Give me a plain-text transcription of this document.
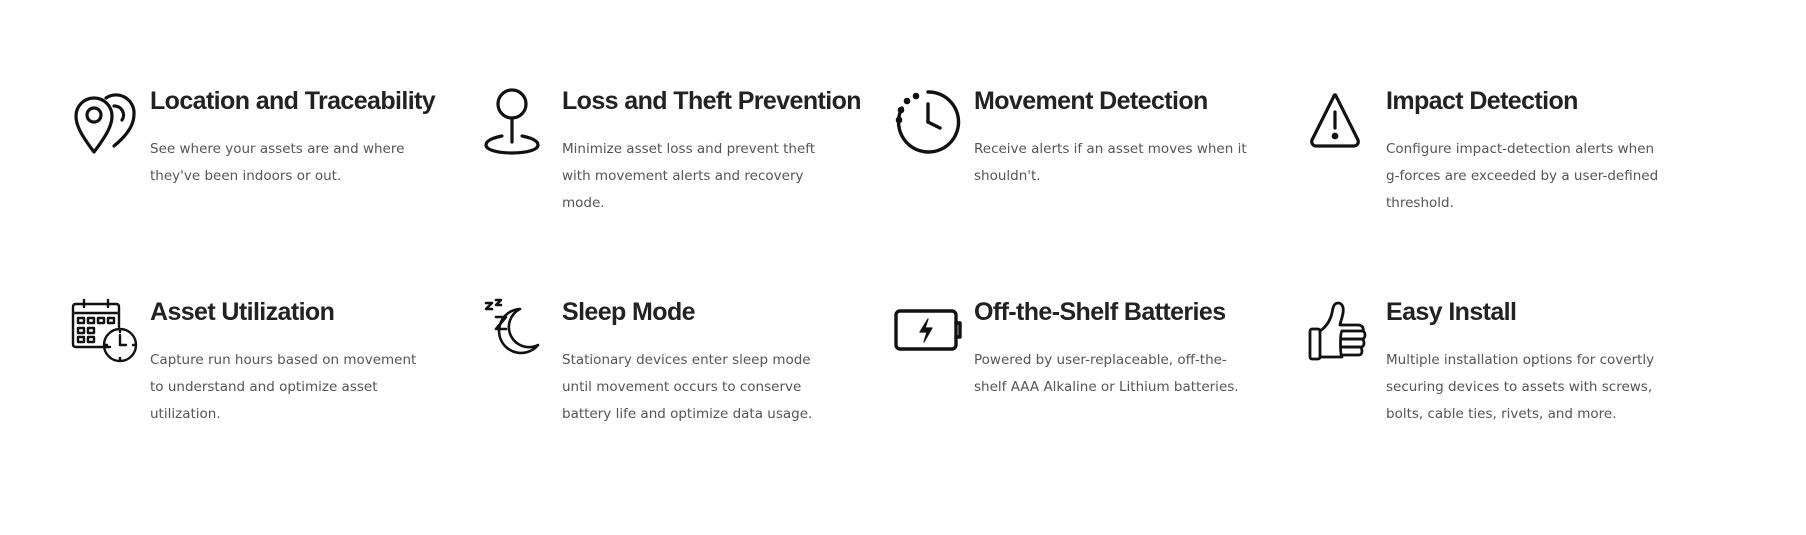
Location and Traceability

See where your assets are and where they've been indoors or out.

Loss and Theft Prevention

Minimize asset loss and prevent theft with movement alerts and recovery mode.

Movement Detection

Receive alerts if an asset moves when it shouldn't.

Impact Detection

Configure impact-detection alerts when g-forces are exceeded by a user-defined threshold.

Asset Utilization

Capture run hours based on movement to understand and optimize asset utilization.

Sleep Mode

Stationary devices enter sleep mode until movement occurs to conserve battery life and optimize data usage.

Off-the-Shelf Batteries

Powered by user-replaceable, off-the-shelf AAA Alkaline or Lithium batteries.

Easy Install

Multiple installation options for covertly securing devices to assets with screws, bolts, cable ties, rivets, and more.
